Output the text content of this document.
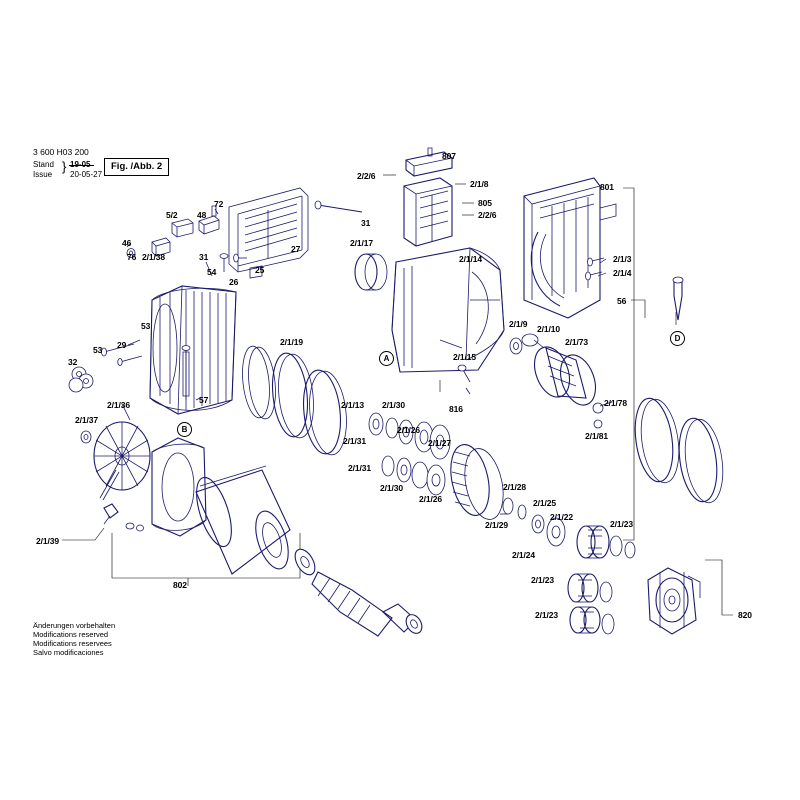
3 600 H03 200
Stand
Issue
}
20-05-27
Fig. /Abb. 2
Änderungen vorbehalten
Modifications reserved
Modifications reservees
Salvo modificaciones
807
2/2/6
2/1/8
805
2/2/6
801
72
5/2 48
31
27
2/1/17
2/1/14
46
76 2/1/38	31
54	25
26
2/1/3
2/1/4
56
2/1/9 2/1/10
2/1/73
2/1/15
2/1/19
53
29
53
32
2/1/36
2/1/37
57
816
2/1/13 2/1/30
2/1/31
2/1/26
2/1/27
2/1/31
2/1/30
2/1/26
2/1/78
2/1/81
2/1/28
2/1/25
2/1/29
2/1/22
2/1/24
2/1/23
2/1/23
2/1/23	820
802
2/1/39
A
B
D
